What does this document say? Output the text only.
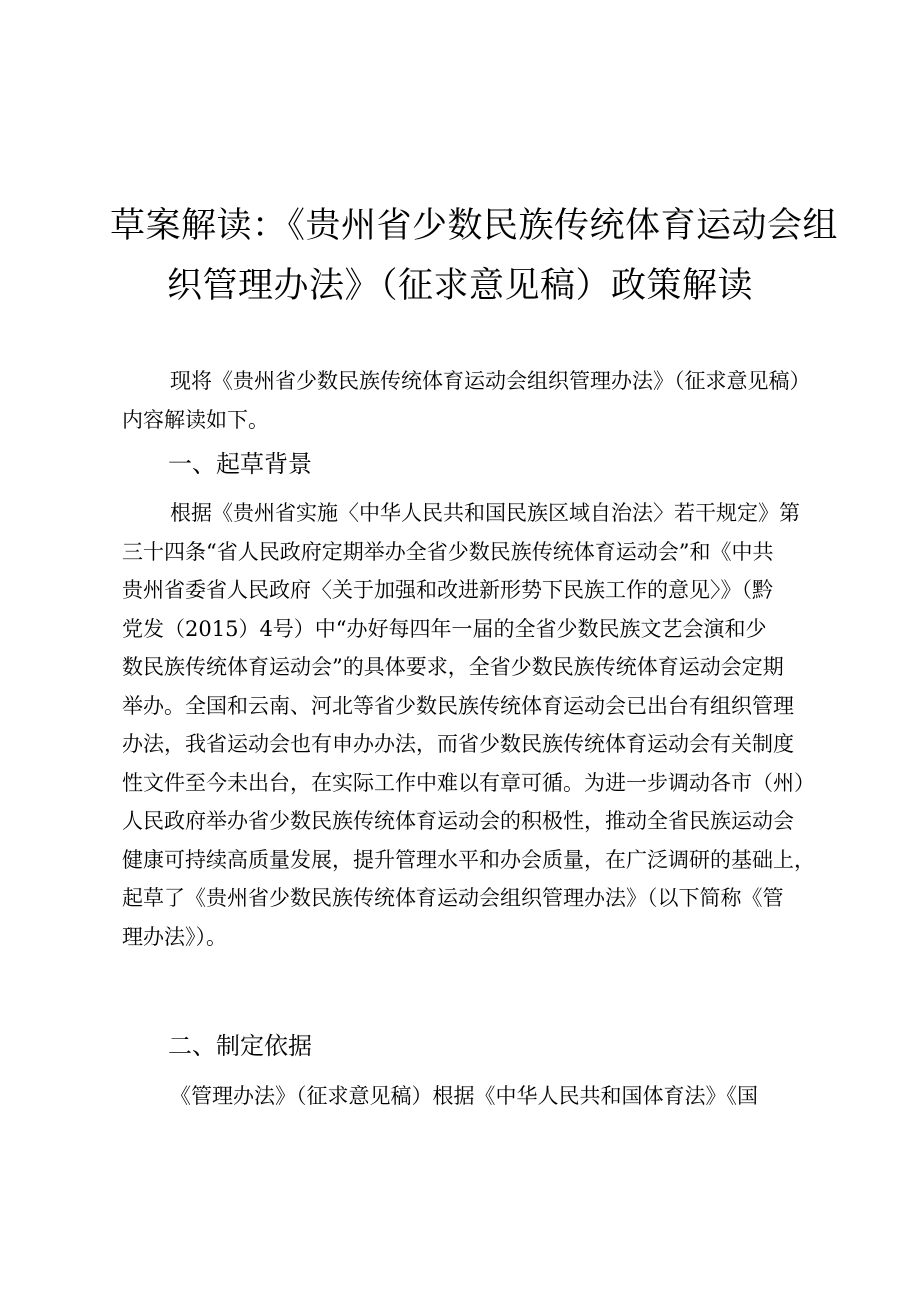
草案解读：《贵州省少数民族传统体育运动会组
织管理办法》（征求意见稿）政策解读

现将《贵州省少数民族传统体育运动会组织管理办法》（征求意见稿）
内容解读如下。

一、起草背景

根据《贵州省实施〈中华人民共和国民族区域自治法〉若干规定》第
三十四条“省人民政府定期举办全省少数民族传统体育运动会”和《中共
贵州省委省人民政府〈关于加强和改进新形势下民族工作的意见〉》（黔
党发（2015）4号）中“办好每四年一届的全省少数民族文艺会演和少
数民族传统体育运动会”的具体要求，全省少数民族传统体育运动会定期
举办。全国和云南、河北等省少数民族传统体育运动会已出台有组织管理
办法，我省运动会也有申办办法，而省少数民族传统体育运动会有关制度
性文件至今未出台，在实际工作中难以有章可循。为进一步调动各市（州）
人民政府举办省少数民族传统体育运动会的积极性，推动全省民族运动会
健康可持续高质量发展，提升管理水平和办会质量，在广泛调研的基础上，
起草了《贵州省少数民族传统体育运动会组织管理办法》（以下简称《管
理办法》）。

二、制定依据

《管理办法》（征求意见稿）根据《中华人民共和国体育法》《国
